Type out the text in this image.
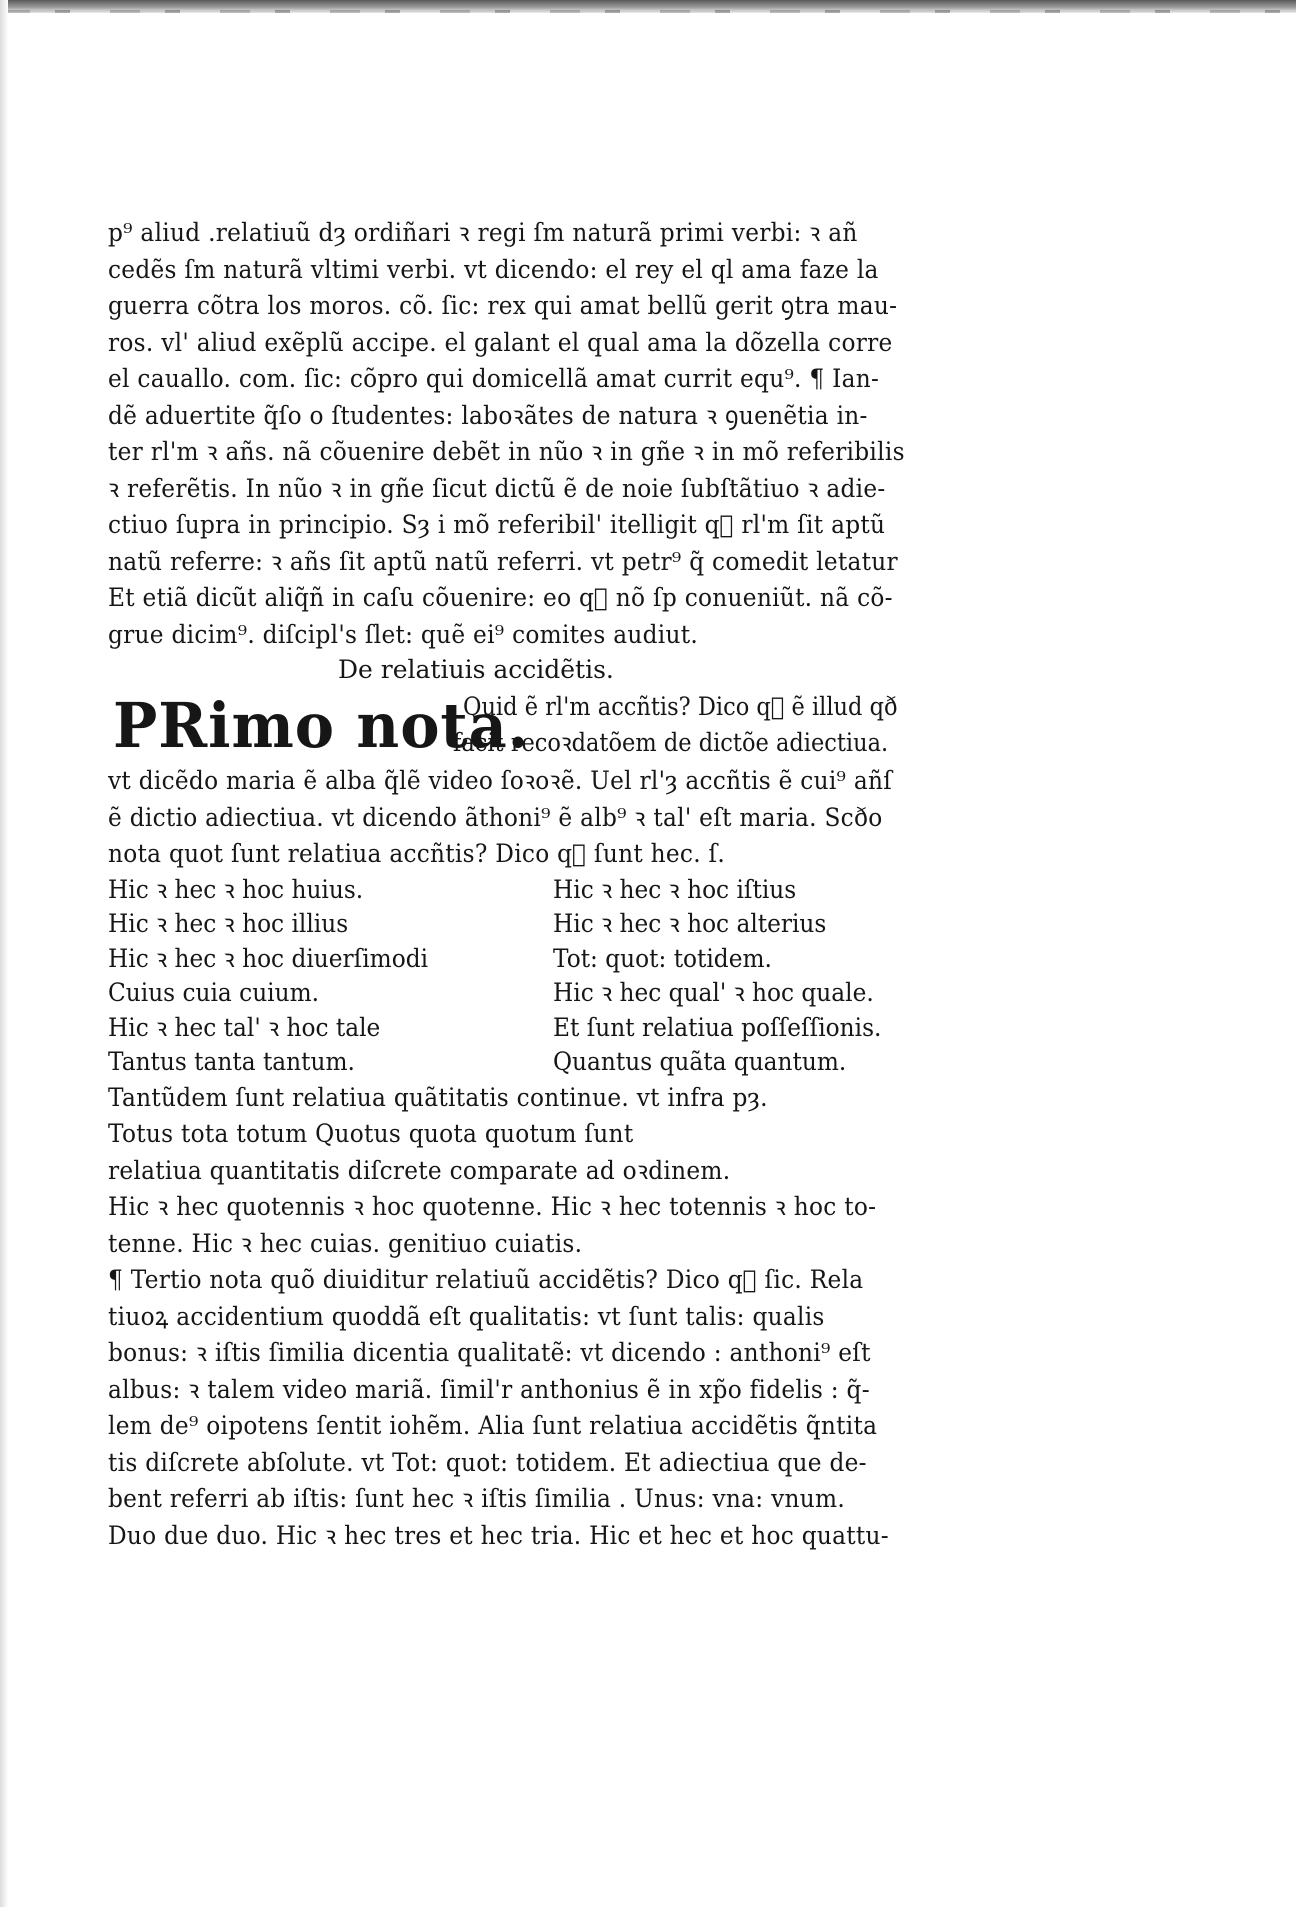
p⁹ aliud .relatiuũ dȝ ordiñari ꝛ regi ſm naturã primi verbi: ꝛ añ
cedẽs ſm naturã vltimi verbi. vt dicendo: el rey el ql ama faze la
guerra cõtra los moros. cõ. ſic: rex qui amat bellũ gerit ꝯtra mau-
ros. vl' aliud exẽplũ accipe. el galant el qual ama la dõzella corre
el cauallo. com. ſic: cõpro qui domicellã amat currit equ⁹. ¶ Ian-
dẽ aduertite q̃ſo o ſtudentes: laboꝛãtes de natura ꝛ ꝯuenẽtia in-
ter rl'm ꝛ añs. nã cõuenire debẽt in nũo ꝛ in gñe ꝛ in mõ referibilis
ꝛ referẽtis. In nũo ꝛ in gñe ſicut dictũ ẽ de noie ſubſtãtiuo ꝛ adie-
ctiuo ſupra in principio. Sȝ i mõ referibil' itelligit q᷑ rl'm ſit aptũ
natũ referre: ꝛ añs ſit aptũ natũ referri. vt petr⁹ q̃ comedit letatur
Et etiã dicũt aliq̃ñ in caſu cõuenire: eo q᷑ nõ ſp conueniũt. nã cõ-
grue dicim⁹. diſcipl's ſlet: quẽ ei⁹ comites audiut.
De relatiuis accidẽtis.
PRimo nota.
Quid ẽ rl'm accñtis? Dico q᷑ ẽ illud qð
facit recoꝛdatõem de dictõe adiectiua.
vt dicẽdo maria ẽ alba q̃lẽ video ſoꝛoꝛẽ. Uel rl'ȝ accñtis ẽ cui⁹ añſ
ẽ dictio adiectiua. vt dicendo ãthoni⁹ ẽ alb⁹ ꝛ tal' eſt maria. Scðo
nota quot ſunt relatiua accñtis? Dico q᷑ ſunt hec. ſ.
Hic ꝛ hec ꝛ hoc huius.	Hic ꝛ hec ꝛ hoc iſtius
Hic ꝛ hec ꝛ hoc illius	Hic ꝛ hec ꝛ hoc alterius
Hic ꝛ hec ꝛ hoc diuerſimodi	Tot: quot: totidem.
Cuius cuia cuium.	Hic ꝛ hec qual' ꝛ hoc quale.
Hic ꝛ hec tal' ꝛ hoc tale	Et ſunt relatiua poſſeſſionis.
Tantus tanta tantum.	Quantus quãta quantum.
Tantũdem ſunt relatiua quãtitatis continue. vt infra pȝ.
Totus tota totum Quotus quota quotum ſunt
relatiua quantitatis diſcrete comparate ad oꝛdinem.
Hic ꝛ hec quotennis ꝛ hoc quotenne. Hic ꝛ hec totennis ꝛ hoc to-
tenne. Hic ꝛ hec cuias. genitiuo cuiatis.
¶ Tertio nota quõ diuiditur relatiuũ accidẽtis? Dico q᷑ ſic. Rela
tiuoꝝ accidentium quoddã eſt qualitatis: vt ſunt talis: qualis
bonus: ꝛ iſtis ſimilia dicentia qualitatẽ: vt dicendo : anthoni⁹ eſt
albus: ꝛ talem video mariã. ſimil'r anthonius ẽ in xp̃o fidelis : q̃-
lem de⁹ oipotens ſentit iohẽm. Alia ſunt relatiua accidẽtis q̃ntita
tis diſcrete abſolute. vt Tot: quot: totidem. Et adiectiua que de-
bent referri ab iſtis: ſunt hec ꝛ iſtis ſimilia . Unus: vna: vnum.
Duo due duo. Hic ꝛ hec tres et hec tria. Hic et hec et hoc quattu-
